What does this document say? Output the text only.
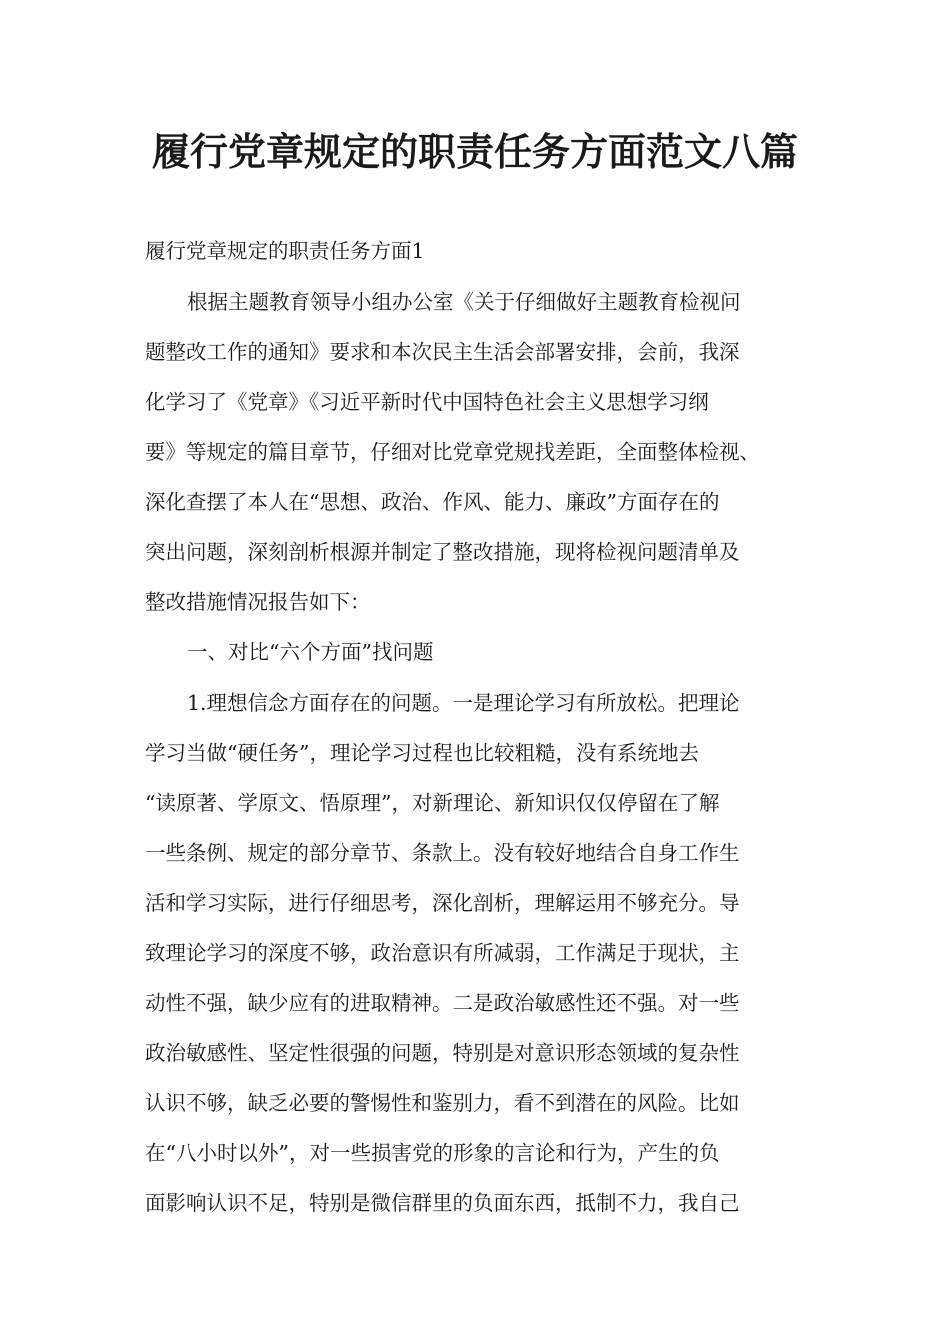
履行党章规定的职责任务方面范文八篇

履行党章规定的职责任务方面1

根据主题教育领导小组办公室《关于仔细做好主题教育检视问

题整改工作的通知》要求和本次民主生活会部署安排，会前，我深

化学习了《党章》《习近平新时代中国特色社会主义思想学习纲

要》等规定的篇目章节，仔细对比党章党规找差距，全面整体检视、

深化查摆了本人在“思想、政治、作风、能力、廉政”方面存在的

突出问题，深刻剖析根源并制定了整改措施，现将检视问题清单及

整改措施情况报告如下：

一、对比“六个方面”找问题

1.理想信念方面存在的问题。一是理论学习有所放松。把理论

学习当做“硬任务”，理论学习过程也比较粗糙，没有系统地去

“读原著、学原文、悟原理”，对新理论、新知识仅仅停留在了解

一些条例、规定的部分章节、条款上。没有较好地结合自身工作生

活和学习实际，进行仔细思考，深化剖析，理解运用不够充分。导

致理论学习的深度不够，政治意识有所减弱，工作满足于现状，主

动性不强，缺少应有的进取精神。二是政治敏感性还不强。对一些

政治敏感性、坚定性很强的问题，特别是对意识形态领域的复杂性

认识不够，缺乏必要的警惕性和鉴别力，看不到潜在的风险。比如

在“八小时以外”，对一些损害党的形象的言论和行为，产生的负

面影响认识不足，特别是微信群里的负面东西，抵制不力，我自己
